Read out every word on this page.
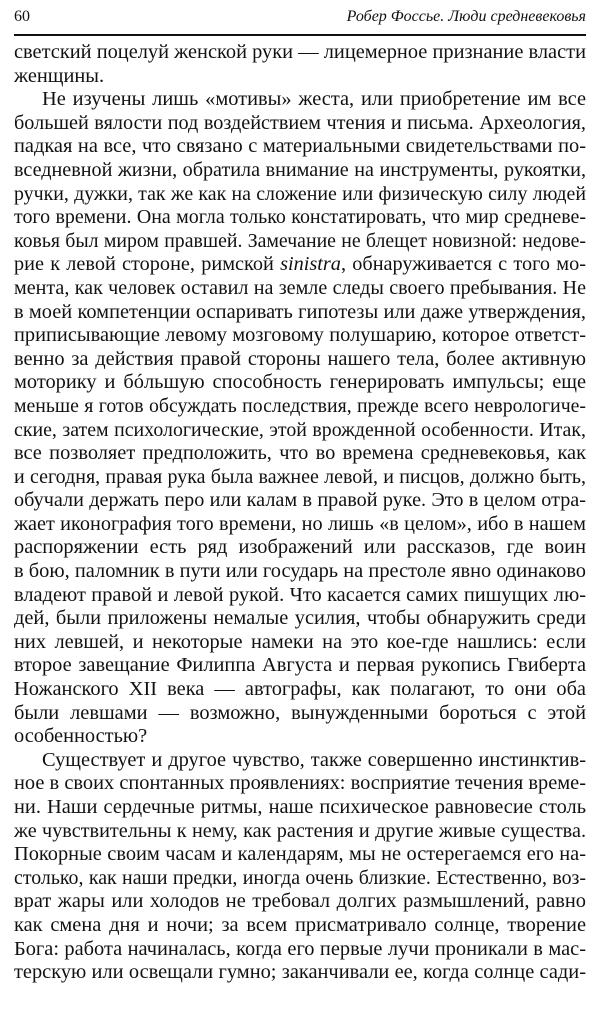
60	Робер Фоссье. Люди средневековья
светский поцелуй женской руки — лицемерное признание власти
женщины.
Не изучены лишь «мотивы» жеста, или приобретение им все
большей вялости под воздействием чтения и письма. Археология,
падкая на все, что связано с материальными свидетельствами по-
вседневной жизни, обратила внимание на инструменты, рукоятки,
ручки, дужки, так же как на сложение или физическую силу людей
того времени. Она могла только констатировать, что мир средневе-
ковья был миром правшей. Замечание не блещет новизной: недове-
рие к левой стороне, римской sinistra, обнаруживается с того мо-
мента, как человек оставил на земле следы своего пребывания. Не
в моей компетенции оспаривать гипотезы или даже утверждения,
приписывающие левому мозговому полушарию, которое ответст-
венно за действия правой стороны нашего тела, более активную
моторику и бóльшую способность генерировать импульсы; еще
меньше я готов обсуждать последствия, прежде всего неврологиче-
ские, затем психологические, этой врожденной особенности. Итак,
все позволяет предположить, что во времена средневековья, как
и сегодня, правая рука была важнее левой, и писцов, должно быть,
обучали держать перо или калам в правой руке. Это в целом отра-
жает иконография того времени, но лишь «в целом», ибо в нашем
распоряжении есть ряд изображений или рассказов, где воин
в бою, паломник в пути или государь на престоле явно одинаково
владеют правой и левой рукой. Что касается самих пишущих лю-
дей, были приложены немалые усилия, чтобы обнаружить среди
них левшей, и некоторые намеки на это кое-где нашлись: если
второе завещание Филиппа Августа и первая рукопись Гвиберта
Ножанского XII века — автографы, как полагают, то они оба
были левшами — возможно, вынужденными бороться с этой
особенностью?
Существует и другое чувство, также совершенно инстинктив-
ное в своих спонтанных проявлениях: восприятие течения време-
ни. Наши сердечные ритмы, наше психическое равновесие столь
же чувствительны к нему, как растения и другие живые существа.
Покорные своим часам и календарям, мы не остерегаемся его на-
столько, как наши предки, иногда очень близкие. Естественно, воз-
врат жары или холодов не требовал долгих размышлений, равно
как смена дня и ночи; за всем присматривало солнце, творение
Бога: работа начиналась, когда его первые лучи проникали в мас-
терскую или освещали гумно; заканчивали ее, когда солнце сади-
